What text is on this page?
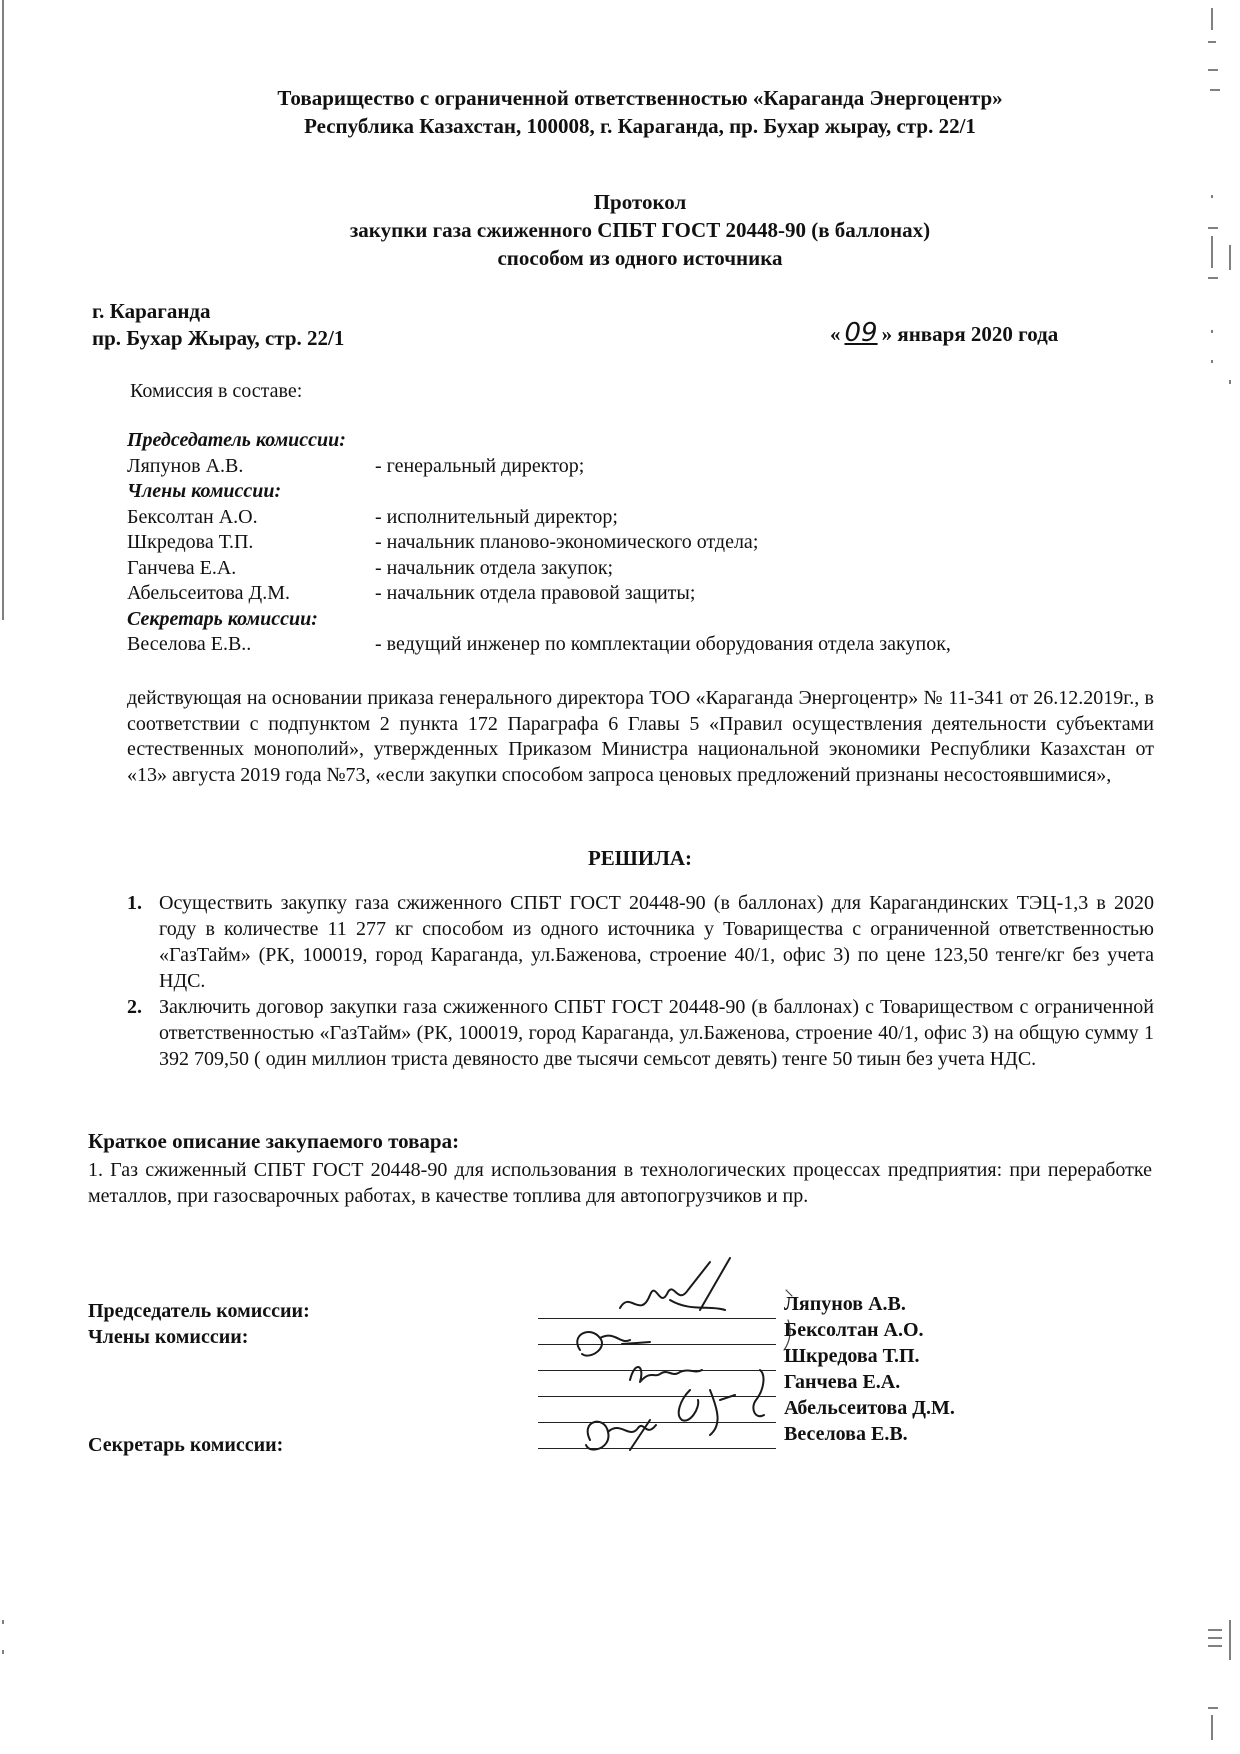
Товарищество с ограниченной ответственностью «Караганда Энергоцентр»
Республика Казахстан, 100008, г. Караганда, пр. Бухар жырау, стр. 22/1
Протокол
закупки газа сжиженного СПБТ ГОСТ 20448-90 (в баллонах)
способом из одного источника
г. Караганда
пр. Бухар Жырау, стр. 22/1	« 09 » января 2020 года
Комиссия в составе:
Председатель комиссии:
Ляпунов А.В.	- генеральный директор;
Члены комиссии:
Бексолтан А.О.	- исполнительный директор;
Шкредова Т.П.	- начальник планово-экономического отдела;
Ганчева Е.А.	- начальник отдела закупок;
Абельсеитова Д.М.	- начальник отдела правовой защиты;
Секретарь комиссии:
Веселова Е.В..	- ведущий инженер по комплектации оборудования отдела закупок,
действующая на основании приказа генерального директора ТОО «Караганда Энергоцентр» № 11-341 от 26.12.2019г., в соответствии с подпунктом 2 пункта 172 Параграфа 6 Главы 5 «Правил осуществления деятельности субъектами естественных монополий», утвержденных Приказом Министра национальной экономики Республики Казахстан от «13» августа 2019 года №73, «если закупки способом запроса ценовых предложений признаны несостоявшимися»,
РЕШИЛА:
1. Осуществить закупку газа сжиженного СПБТ ГОСТ 20448-90 (в баллонах) для Карагандинских ТЭЦ-1,3 в 2020 году в количестве 11 277 кг способом из одного источника у Товарищества с ограниченной ответственностью «ГазТайм» (РК, 100019, город Караганда, ул.Баженова, строение 40/1, офис 3) по цене 123,50 тенге/кг без учета НДС.
2. Заключить договор закупки газа сжиженного СПБТ ГОСТ 20448-90 (в баллонах) с Товариществом с ограниченной ответственностью «ГазТайм» (РК, 100019, город Караганда, ул.Баженова, строение 40/1, офис 3) на общую сумму 1 392 709,50 ( один миллион триста девяносто две тысячи семьсот девять) тенге 50 тиын без учета НДС.
Краткое описание закупаемого товара:
1. Газ сжиженный СПБТ ГОСТ 20448-90 для использования в технологических процессах предприятия: при переработке металлов, при газосварочных работах, в качестве топлива для автопогрузчиков и пр.
Председатель комиссии:
Члены комиссии:
Секретарь комиссии:
Ляпунов А.В.
Бексолтан А.О.
Шкредова Т.П.
Ганчева Е.А.
Абельсеитова Д.М.
Веселова Е.В.
